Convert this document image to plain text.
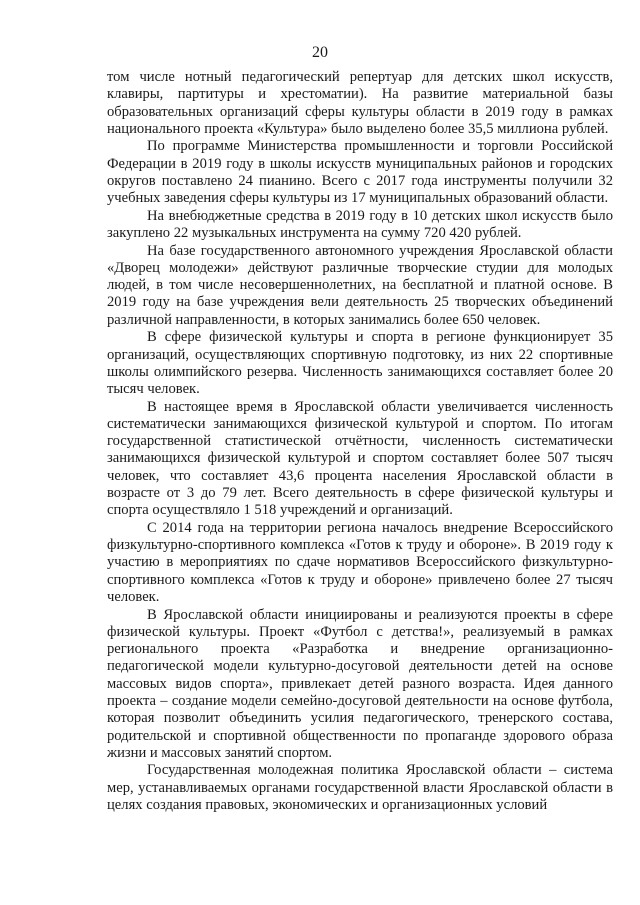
20

том числе нотный педагогический репертуар для детских школ искусств, клавиры, партитуры и хрестоматии). На развитие материальной базы образовательных организаций сферы культуры области в 2019 году в рамках национального проекта «Культура» было выделено более 35,5 миллиона рублей.

По программе Министерства промышленности и торговли Российской Федерации в 2019 году в школы искусств муниципальных районов и городских округов поставлено 24 пианино. Всего с 2017 года инструменты получили 32 учебных заведения сферы культуры из 17 муниципальных образований области.

На внебюджетные средства в 2019 году в 10 детских школ искусств было закуплено 22 музыкальных инструмента на сумму 720 420 рублей.

На базе государственного автономного учреждения Ярославской области «Дворец молодежи» действуют различные творческие студии для молодых людей, в том числе несовершеннолетних, на бесплатной и платной основе. В 2019 году на базе учреждения вели деятельность 25 творческих объединений различной направленности, в которых занимались более 650 человек.

В сфере физической культуры и спорта в регионе функционирует 35 организаций, осуществляющих спортивную подготовку, из них 22 спортивные школы олимпийского резерва. Численность занимающихся составляет более 20 тысяч человек.

В настоящее время в Ярославской области увеличивается численность систематически занимающихся физической культурой и спортом. По итогам государственной статистической отчётности, численность систематически занимающихся физической культурой и спортом составляет более 507 тысяч человек, что составляет 43,6 процента населения Ярославской области в возрасте от 3 до 79 лет. Всего деятельность в сфере физической культуры и спорта осуществляло 1 518 учреждений и организаций.

С 2014 года на территории региона началось внедрение Всероссийского физкультурно-спортивного комплекса «Готов к труду и обороне». В 2019 году к участию в мероприятиях по сдаче нормативов Всероссийского физкультурно-спортивного комплекса «Готов к труду и обороне» привлечено более 27 тысяч человек.

В Ярославской области инициированы и реализуются проекты в сфере физической культуры. Проект «Футбол с детства!», реализуемый в рамках регионального проекта «Разработка и внедрение организационно-педагогической модели культурно-досуговой деятельности детей на основе массовых видов спорта», привлекает детей разного возраста. Идея данного проекта – создание модели семейно-досуговой деятельности на основе футбола, которая позволит объединить усилия педагогического, тренерского состава, родительской и спортивной общественности по пропаганде здорового образа жизни и массовых занятий спортом.

Государственная молодежная политика Ярославской области – система мер, устанавливаемых органами государственной власти Ярославской области в целях создания правовых, экономических и организационных условий
